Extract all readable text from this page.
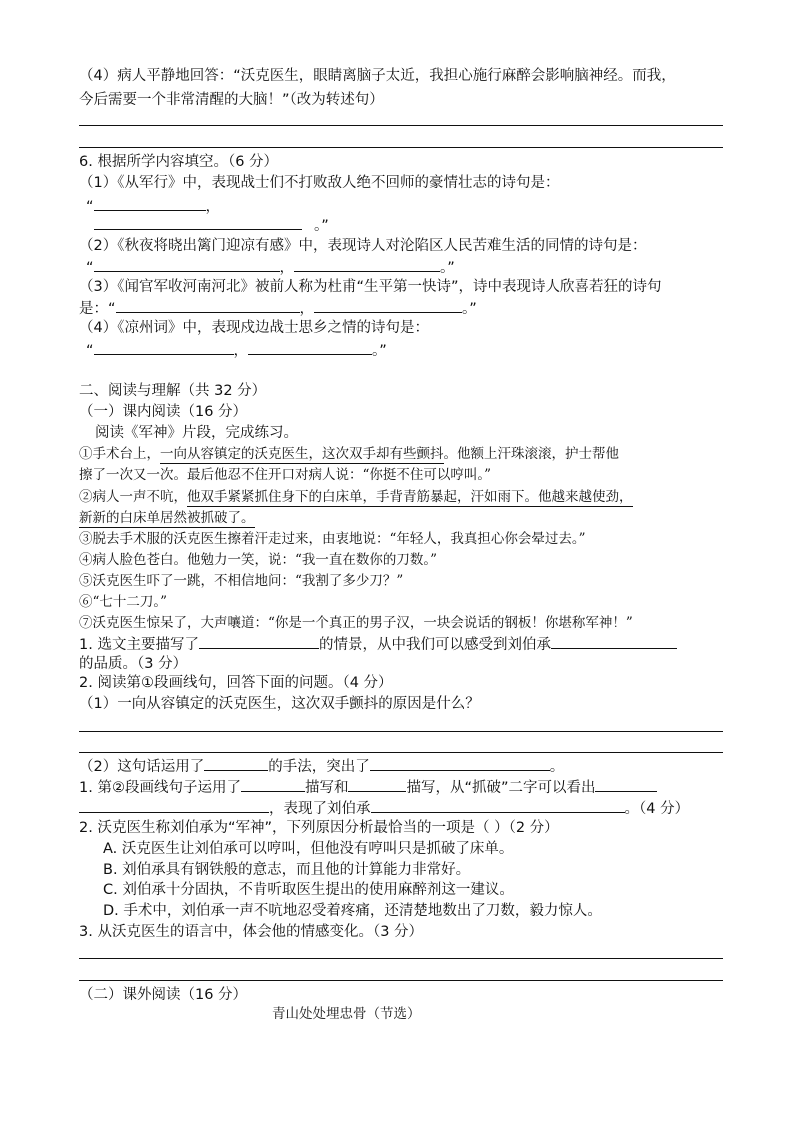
（4）病人平静地回答：“沃克医生，眼睛离脑子太近，我担心施行麻醉会影响脑神经。而我，
今后需要一个非常清醒的大脑！”（改为转述句）
6. 根据所学内容填空。（6 分）
（1）《从军行》中，表现战士们不打败敌人绝不回师的豪情壮志的诗句是：
“	，
。”
（2）《秋夜将晓出篱门迎凉有感》中，表现诗人对沦陷区人民苦难生活的同情的诗句是：
“	，	。”
（3）《闻官军收河南河北》被前人称为杜甫“生平第一快诗”，诗中表现诗人欣喜若狂的诗句
是：“	，	。”
（4）《凉州词》中，表现戍边战士思乡之情的诗句是：
“	，	。”
二、阅读与理解（共 32 分）
（一）课内阅读（16 分）
阅读《军神》片段，完成练习。
①手术台上，一向从容镇定的沃克医生，这次双手却有些颤抖。他额上汗珠滚滚，护士帮他
擦了一次又一次。最后他忍不住开口对病人说：“你挺不住可以哼叫。”
②病人一声不吭，他双手紧紧抓住身下的白床单，手背青筋暴起，汗如雨下。他越来越使劲，
新新的白床单居然被抓破了。
③脱去手术服的沃克医生擦着汗走过来，由衷地说：“年轻人，我真担心你会晕过去。”
④病人脸色苍白。他勉力一笑，说：“我一直在数你的刀数。”
⑤沃克医生吓了一跳，不相信地问：“我割了多少刀？”
⑥“七十二刀。”
⑦沃克医生惊呆了，大声嚷道：“你是一个真正的男子汉，一块会说话的钢板！你堪称军神！”
1. 选文主要描写了	的情景，从中我们可以感受到刘伯承
的品质。（3 分）
2. 阅读第①段画线句，回答下面的问题。（4 分）
（1）一向从容镇定的沃克医生，这次双手颤抖的原因是什么？
（2）这句话运用了	的手法，突出了	。
1. 第②段画线句子运用了	描写和	描写，从“抓破”二字可以看出
，表现了刘伯承	。（4 分）
2. 沃克医生称刘伯承为“军神”，下列原因分析最恰当的一项是（ ）（2 分）
A. 沃克医生让刘伯承可以哼叫，但他没有哼叫只是抓破了床单。
B. 刘伯承具有钢铁般的意志，而且他的计算能力非常好。
C. 刘伯承十分固执，不肯听取医生提出的使用麻醉剂这一建议。
D. 手术中，刘伯承一声不吭地忍受着疼痛，还清楚地数出了刀数，毅力惊人。
3. 从沃克医生的语言中，体会他的情感变化。（3 分）
（二）课外阅读（16 分）
青山处处埋忠骨（节选）
